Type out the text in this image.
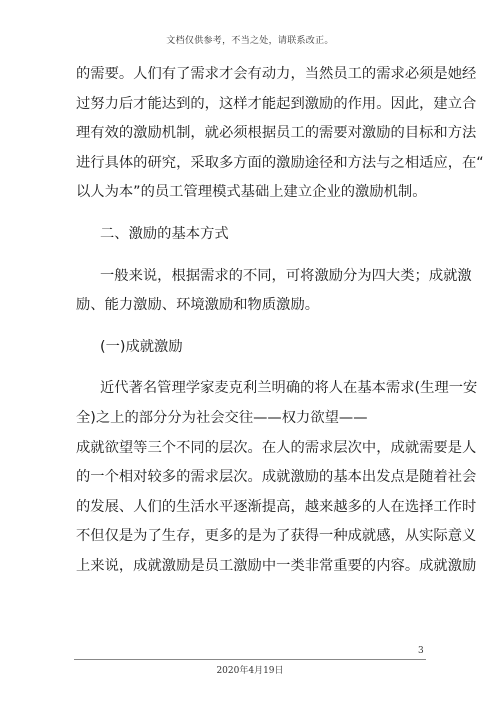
文档仅供参考，不当之处，请联系改正。
的需要。人们有了需求才会有动力，当然员工的需求必须是她经
过努力后才能达到的，这样才能起到激励的作用。因此，建立合
理有效的激励机制，就必须根据员工的需要对激励的目标和方法
进行具体的研究，采取多方面的激励途径和方法与之相适应，在“
以人为本”的员工管理模式基础上建立企业的激励机制。
二、激励的基本方式
一般来说，根据需求的不同，可将激励分为四大类；成就激
励、能力激励、环境激励和物质激励。
(一)成就激励
近代著名管理学家麦克利兰明确的将人在基本需求(生理一安
全)之上的部分分为社会交往——权力欲望——
成就欲望等三个不同的层次。在人的需求层次中，成就需要是人
的一个相对较多的需求层次。成就激励的基本出发点是随着社会
的发展、人们的生活水平逐渐提高，越来越多的人在选择工作时
不但仅是为了生存，更多的是为了获得一种成就感，从实际意义
上来说，成就激励是员工激励中一类非常重要的内容。成就激励
3
2020年4月19日
